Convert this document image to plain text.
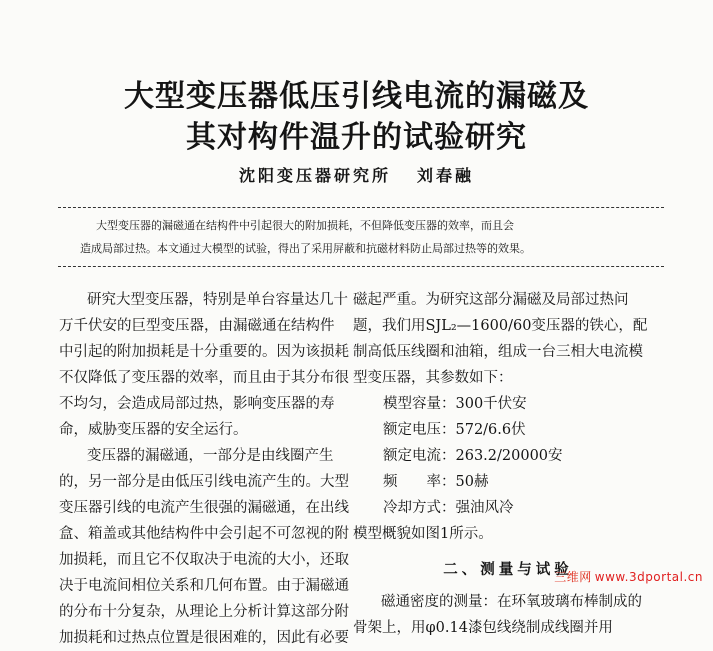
大型变压器低压引线电流的漏磁及
其对构件温升的试验研究
沈阳变压器研究所 刘春融
大型变压器的漏磁通在结构件中引起很大的附加损耗，不但降低变压器的效率，而且会
造成局部过热。本文通过大模型的试验，得出了采用屏蔽和抗磁材料防止局部过热等的效果。
研究大型变压器，特别是单台容量达几十
万千伏安的巨型变压器，由漏磁通在结构件
中引起的附加损耗是十分重要的。因为该损耗
不仅降低了变压器的效率，而且由于其分布很
不均匀，会造成局部过热，影响变压器的寿
命，威胁变压器的安全运行。
变压器的漏磁通，一部分是由线圈产生
的，另一部分是由低压引线电流产生的。大型
变压器引线的电流产生很强的漏磁通，在出线
盒、箱盖或其他结构件中会引起不可忽视的附
加损耗，而且它不仅取决于电流的大小，还取
决于电流间相位关系和几何布置。由于漏磁通
的分布十分复杂，从理论上分析计算这部分附
加损耗和过热点位置是很困难的，因此有必要
磁起严重。为研究这部分漏磁及局部过热问
题，我们用SJL₂—1600/60变压器的铁心，配
制高低压线圈和油箱，组成一台三相大电流模
型变压器，其参数如下：
模型容量：300千伏安
额定电压：572/6.6伏
额定电流：263.2/20000安
频　　率：50赫
冷却方式：强油风冷
模型概貌如图1所示。
二、测量与试验
磁通密度的测量：在环氧玻璃布棒制成的
骨架上，用φ0.14漆包线绕制成线圈并用
三维网 www.3dportal.cn
